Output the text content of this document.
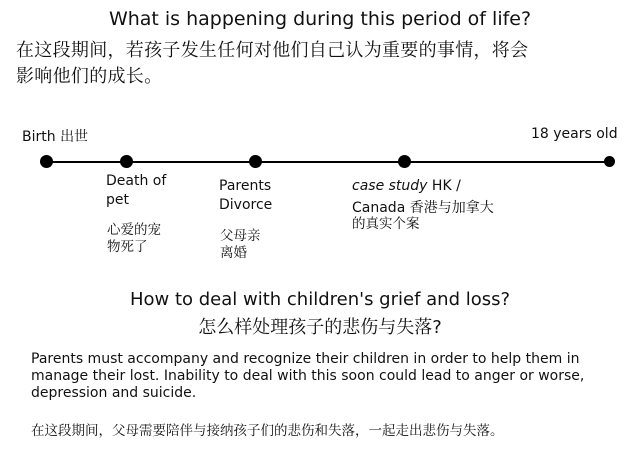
What is happening during this period of life?
在这段期间，若孩子发生任何对他们自己认为重要的事情，将会
影响他们的成长。
Birth 出世	18 years old
Death of pet
心爱的宠物死了
Parents
Divorce
父母亲离婚
case study HK /
Canada 香港与加拿大
的真实个案
How to deal with children's grief and loss?
怎么样处理孩子的悲伤与失落?
Parents must accompany and recognize their children in order to help them in manage their lost. Inability to deal with this soon could lead to anger or worse, depression and suicide.
在这段期间，父母需要陪伴与接纳孩子们的悲伤和失落，一起走出悲伤与失落。
